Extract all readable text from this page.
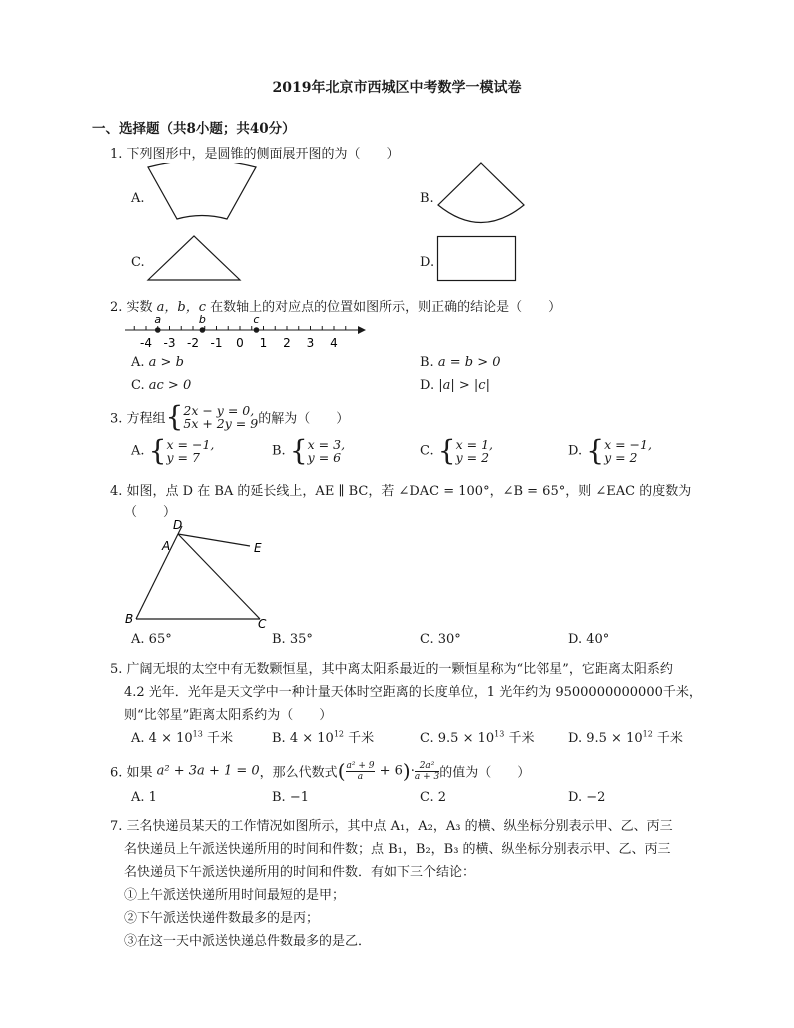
2019年北京市西城区中考数学一模试卷
一、选择题（共8小题；共40分）
1. 下列图形中，是圆锥的侧面展开图的为（　　）
A.	B.
C.	D.
2. 实数 a，b，c 在数轴上的对应点的位置如图所示，则正确的结论是（　　）
-4 -3 -2 -1 0 1 2 3 4
a	b	c
A. a > b	B. a = b > 0
C. ac > 0	D. |a| > |c|
3. 方程组{2x − y = 0,
5x + 2y = 9的解为（　　）
A. {x = −1,
y = 7	B. {x = 3,
y = 6	C. {x = 1,
y = 2	D. {x = −1,
y = 2
4. 如图，点 D 在 BA 的延长线上，AE ∥ BC，若 ∠DAC = 100°，∠B = 65°，则 ∠EAC 的度数为
（　　）
D
A	E
B	C
A. 65°	B. 35°	C. 30°	D. 40°
5. 广阔无垠的太空中有无数颗恒星，其中离太阳系最近的一颗恒星称为“比邻星”，它距离太阳系约
4.2 光年．光年是天文学中一种计量天体时空距离的长度单位，1 光年约为 9500000000000千米，
则“比邻星”距离太阳系约为（　　）
A. $4 \times 10^{13}$ 千米	B. $4 \times 10^{12}$ 千米	C. $9.5 \times 10^{13}$ 千米	D. $9.5 \times 10^{12}$ 千米
6. 如果 a² + 3a + 1 = 0，那么代数式( $\frac{\text{a² + 9}}{a} + 6)\cdot \frac{\text{2a²}}{a + 3}$ 的值为（　　）
A. 1	B. −1	C. 2	D. −2
7. 三名快递员某天的工作情况如图所示，其中点 A₁，A₂，A₃ 的横、纵坐标分别表示甲、乙、丙三
名快递员上午派送快递所用的时间和件数；点 B₁，B₂，B₃ 的横、纵坐标分别表示甲、乙、丙三
名快递员下午派送快递所用的时间和件数．有如下三个结论：
①上午派送快递所用时间最短的是甲；
②下午派送快递件数最多的是丙；
③在这一天中派送快递总件数最多的是乙．
